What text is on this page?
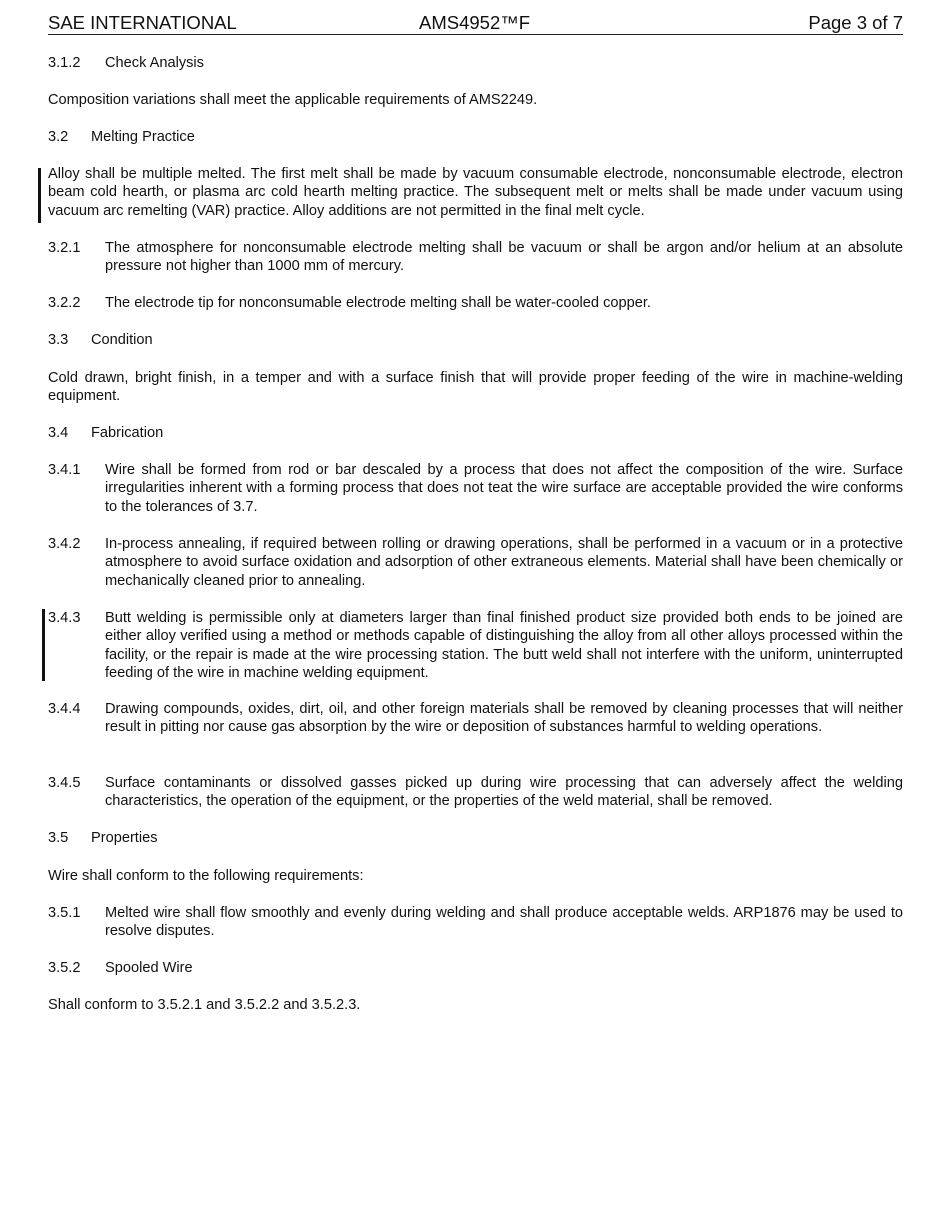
SAE INTERNATIONAL	AMS4952™F	Page 3 of 7
3.1.2 Check Analysis

Composition variations shall meet the applicable requirements of AMS2249.

3.2 Melting Practice

Alloy shall be multiple melted. The first melt shall be made by vacuum consumable electrode, nonconsumable electrode, electron beam cold hearth, or plasma arc cold hearth melting practice. The subsequent melt or melts shall be made under vacuum using vacuum arc remelting (VAR) practice. Alloy additions are not permitted in the final melt cycle.

3.2.1	The atmosphere for nonconsumable electrode melting shall be vacuum or shall be argon and/or helium at an absolute pressure not higher than 1000 mm of mercury.
3.2.2	The electrode tip for nonconsumable electrode melting shall be water-cooled copper.
3.3 Condition

Cold drawn, bright finish, in a temper and with a surface finish that will provide proper feeding of the wire in machine-welding equipment.

3.4 Fabrication
3.4.1	Wire shall be formed from rod or bar descaled by a process that does not affect the composition of the wire. Surface irregularities inherent with a forming process that does not teat the wire surface are acceptable provided the wire conforms to the tolerances of 3.7.
3.4.2	In-process annealing, if required between rolling or drawing operations, shall be performed in a vacuum or in a protective atmosphere to avoid surface oxidation and adsorption of other extraneous elements. Material shall have been chemically or mechanically cleaned prior to annealing.
3.4.3	Butt welding is permissible only at diameters larger than final finished product size provided both ends to be joined are either alloy verified using a method or methods capable of distinguishing the alloy from all other alloys processed within the facility, or the repair is made at the wire processing station. The butt weld shall not interfere with the uniform, uninterrupted feeding of the wire in machine welding equipment.
3.4.4	Drawing compounds, oxides, dirt, oil, and other foreign materials shall be removed by cleaning processes that will neither result in pitting nor cause gas absorption by the wire or deposition of substances harmful to welding operations.
3.4.5	Surface contaminants or dissolved gasses picked up during wire processing that can adversely affect the welding characteristics, the operation of the equipment, or the properties of the weld material, shall be removed.
3.5 Properties

Wire shall conform to the following requirements:

3.5.1	Melted wire shall flow smoothly and evenly during welding and shall produce acceptable welds. ARP1876 may be used to resolve disputes.
3.5.2 Spooled Wire

Shall conform to 3.5.2.1 and 3.5.2.2 and 3.5.2.3.
